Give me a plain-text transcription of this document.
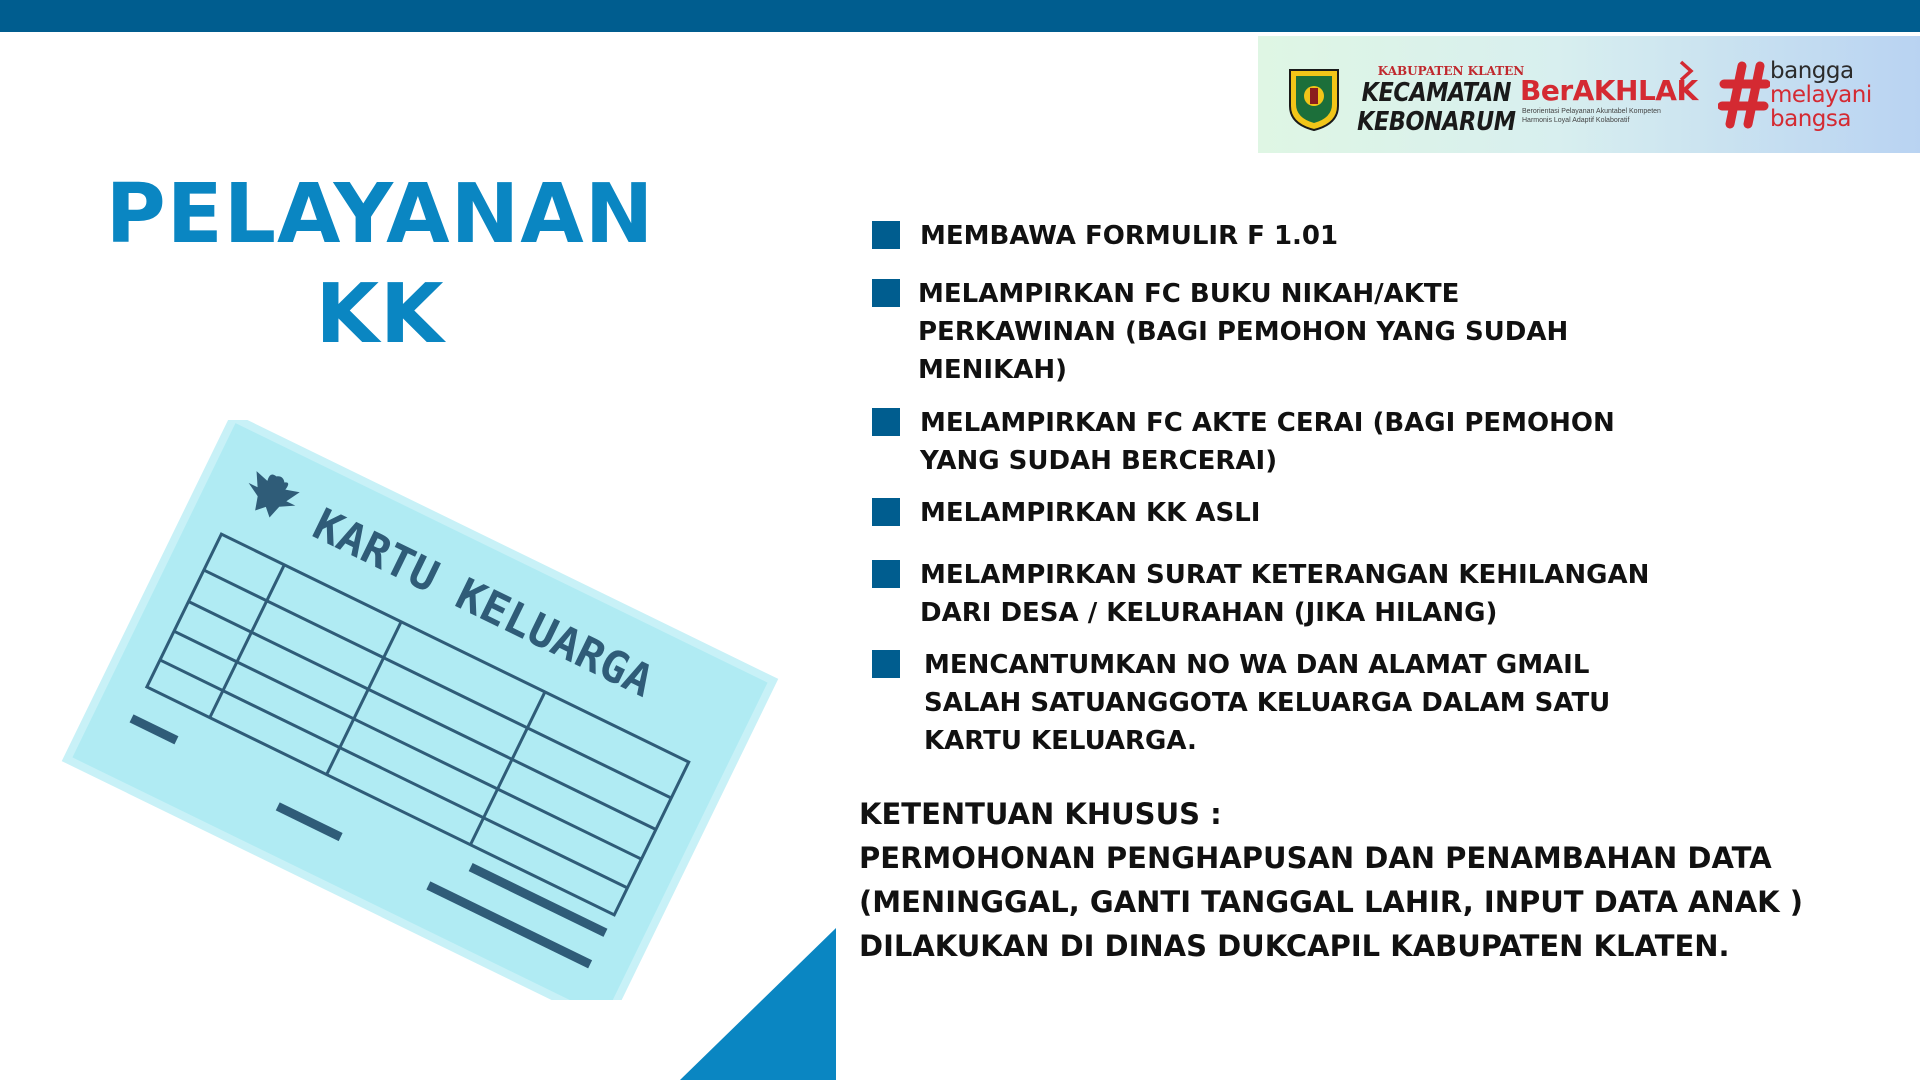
KABUPATEN KLATEN
KECAMATAN
KEBONARUM
BerAKHLAK
Berorientasi Pelayanan Akuntabel Kompeten
Harmonis Loyal Adaptif Kolaboratif
bangga
melayani
bangsa
PELAYANAN
KK
KARTU KELUARGA
MEMBAWA FORMULIR F 1.01
MELAMPIRKAN FC BUKU NIKAH/AKTE
PERKAWINAN (BAGI PEMOHON YANG SUDAH
MENIKAH)
MELAMPIRKAN FC AKTE CERAI (BAGI PEMOHON
YANG SUDAH BERCERAI)
MELAMPIRKAN KK ASLI
MELAMPIRKAN SURAT KETERANGAN KEHILANGAN
DARI DESA / KELURAHAN (JIKA HILANG)
MENCANTUMKAN NO WA DAN ALAMAT GMAIL
SALAH SATUANGGOTA KELUARGA DALAM SATU
KARTU KELUARGA.
KETENTUAN KHUSUS :
PERMOHONAN PENGHAPUSAN DAN PENAMBAHAN DATA
(MENINGGAL, GANTI TANGGAL LAHIR, INPUT DATA ANAK )
DILAKUKAN DI DINAS DUKCAPIL KABUPATEN KLATEN.
